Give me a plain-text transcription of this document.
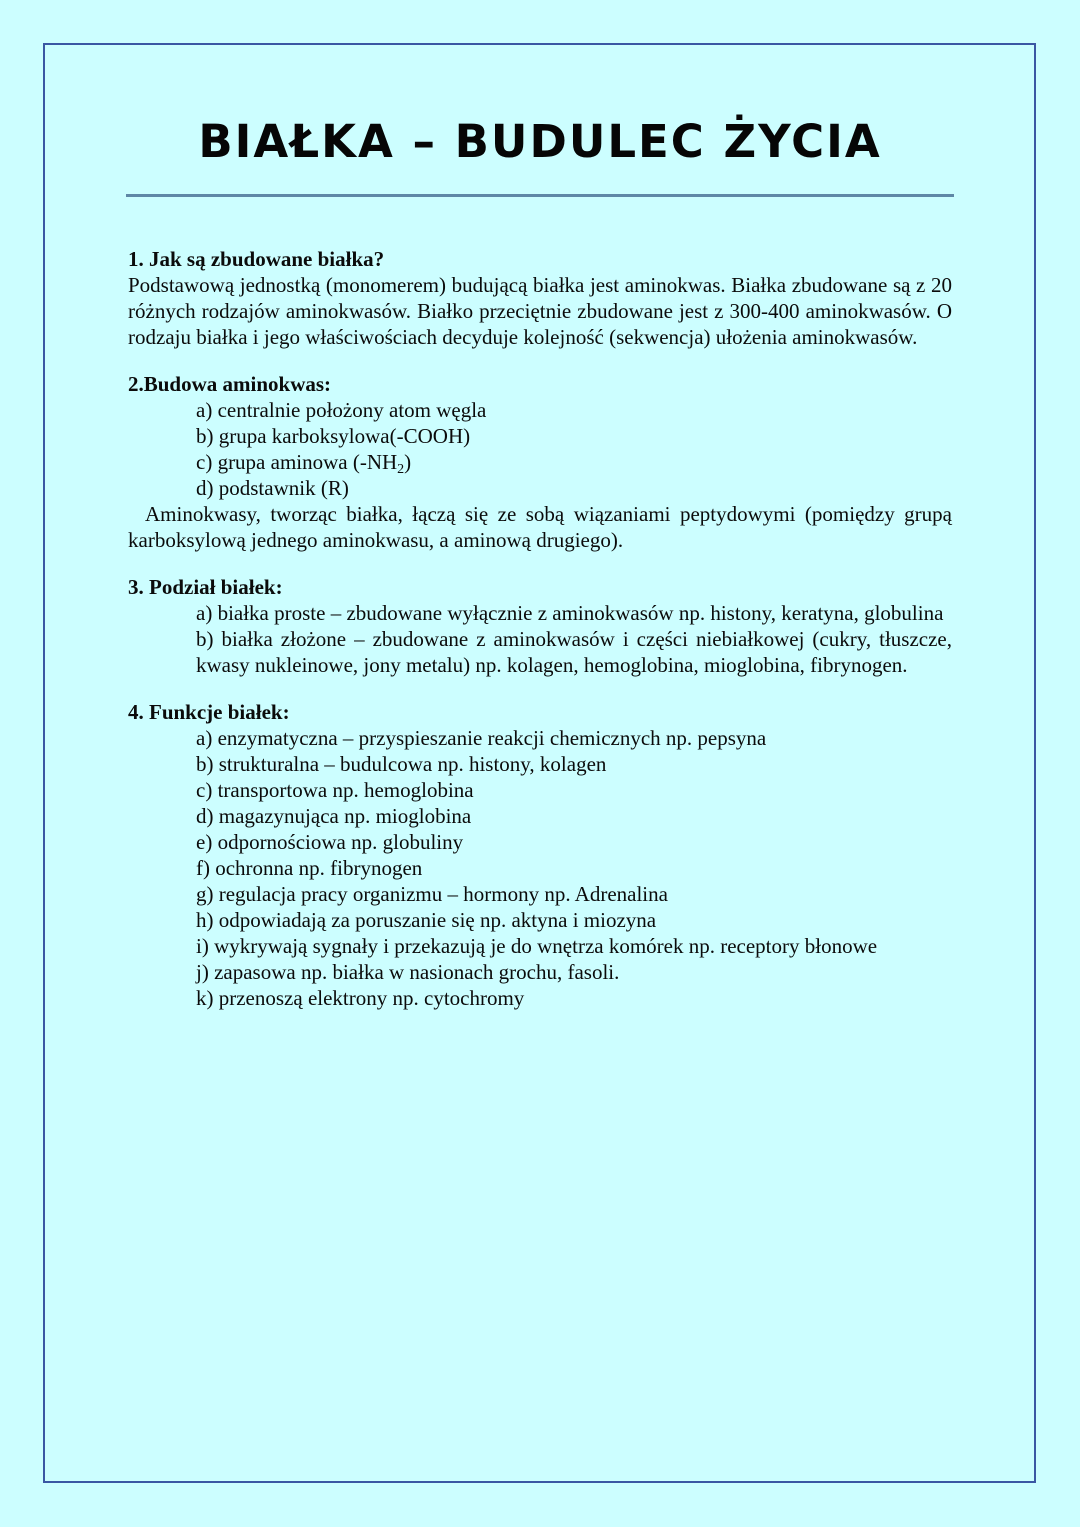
BIAŁKA – BUDULEC ŻYCIA
1. Jak są zbudowane białka?

Podstawową jednostką (monomerem) budującą białka jest aminokwas. Białka zbudowane są z 20 różnych rodzajów aminokwasów. Białko przeciętnie zbudowane jest z 300-400 aminokwasów. O rodzaju białka i jego właściwościach decyduje kolejność (sekwencja) ułożenia aminokwasów.

2.Budowa aminokwas:
a) centralnie położony atom węgla
b) grupa karboksylowa(-COOH)
c) grupa aminowa $(-NH_2)$
d) podstawnik (R)

Aminokwasy, tworząc białka, łączą się ze sobą wiązaniami peptydowymi (pomiędzy grupą karboksylową jednego aminokwasu, a aminową drugiego).

3. Podział białek:
a) białka proste – zbudowane wyłącznie z aminokwasów np. histony, keratyna, globulina
b) białka złożone – zbudowane z aminokwasów i części niebiałkowej (cukry, tłuszcze, kwasy nukleinowe, jony metalu) np. kolagen, hemoglobina, mioglobina, fibrynogen.
4. Funkcje białek:
a) enzymatyczna – przyspieszanie reakcji chemicznych np. pepsyna
b) strukturalna – budulcowa np. histony, kolagen
c) transportowa np. hemoglobina
d) magazynująca np. mioglobina
e) odpornościowa np. globuliny
f) ochronna np. fibrynogen
g) regulacja pracy organizmu – hormony np. Adrenalina
h) odpowiadają za poruszanie się np. aktyna i miozyna
i) wykrywają sygnały i przekazują je do wnętrza komórek np. receptory błonowe
j) zapasowa np. białka w nasionach grochu, fasoli.
k) przenoszą elektrony np. cytochromy
